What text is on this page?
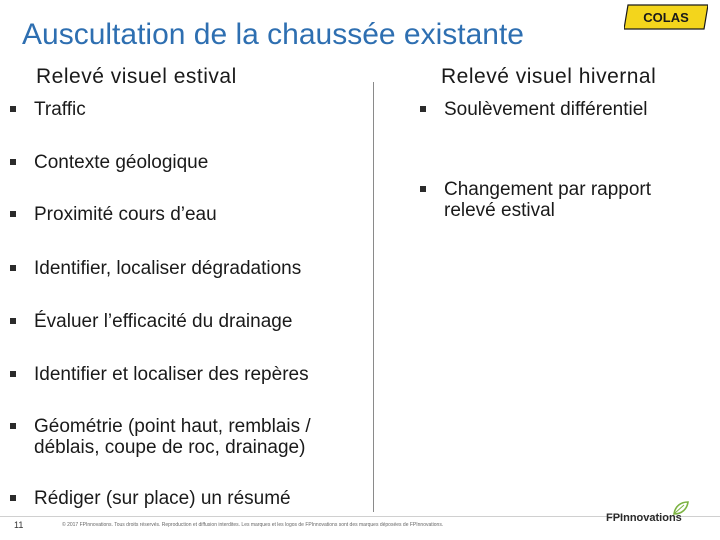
Auscultation de la chaussée existante
COLAS
Relevé visuel estival	Relevé visuel hivernal
Traffic
Contexte géologique
Proximité cours d’eau
Identifier, localiser dégradations
Évaluer l’efficacité du drainage
Identifier et localiser des repères
Géométrie (point haut, remblais /
déblais, coupe de roc, drainage)
Rédiger (sur place) un résumé
Soulèvement différentiel
Changement par rapport
relevé estival
11	© 2017 FPInnovations. Tous droits réservés. Reproduction et diffusion interdites. Les marques et les logos de FPInnovations sont des marques déposées de FPInnovations.
FPInnovations
